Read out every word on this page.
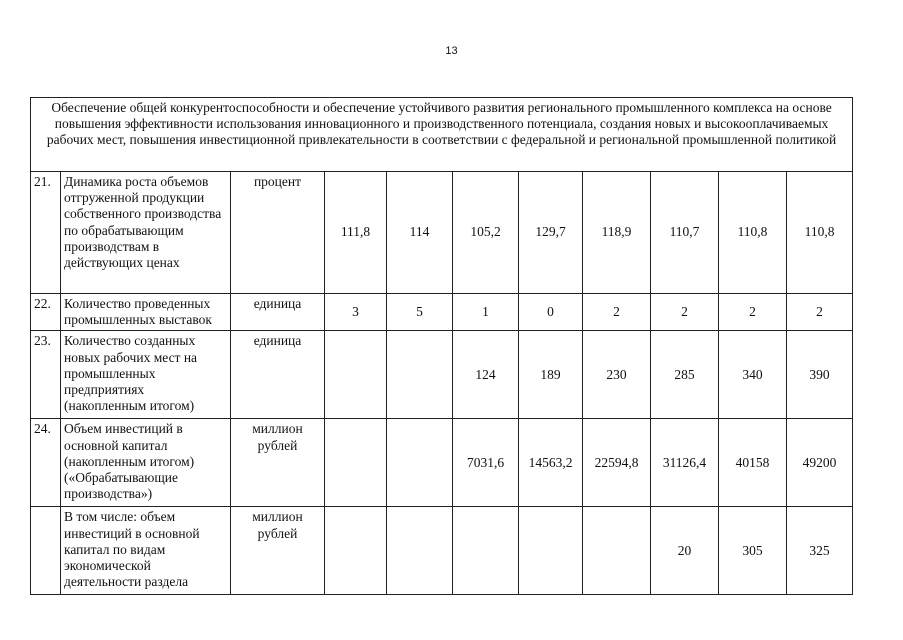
13
Обеспечение общей конкурентоспособности и обеспечение устойчивого развития регионального промышленного комплекса на основе повышения эффективности использования инновационного и производственного потенциала, создания новых и высокооплачиваемых рабочих мест, повышения инвестиционной привлекательности в соответствии с федеральной и региональной промышленной политикой										
21.	Динамика роста объемов отгруженной продукции собственного производства по обрабатывающим производствам в действующих ценах	процент	111,8	114	105,2	129,7	118,9	110,7	110,8	110,8
22.	Количество проведенных промышленных выставок	единица	3	5	1	0	2	2	2	2
23.	Количество созданных новых рабочих мест на промышленных предприятиях (накопленным итогом)	единица			124	189	230	285	340	390
24.	Объем инвестиций в основной капитал (накопленным итогом) («Обрабатывающие производства»)	миллион рублей			7031,6	14563,2	22594,8	31126,4	40158	49200
	В том числе: объем инвестиций в основной капитал по видам экономической деятельности раздела	миллион рублей						20	305	325
